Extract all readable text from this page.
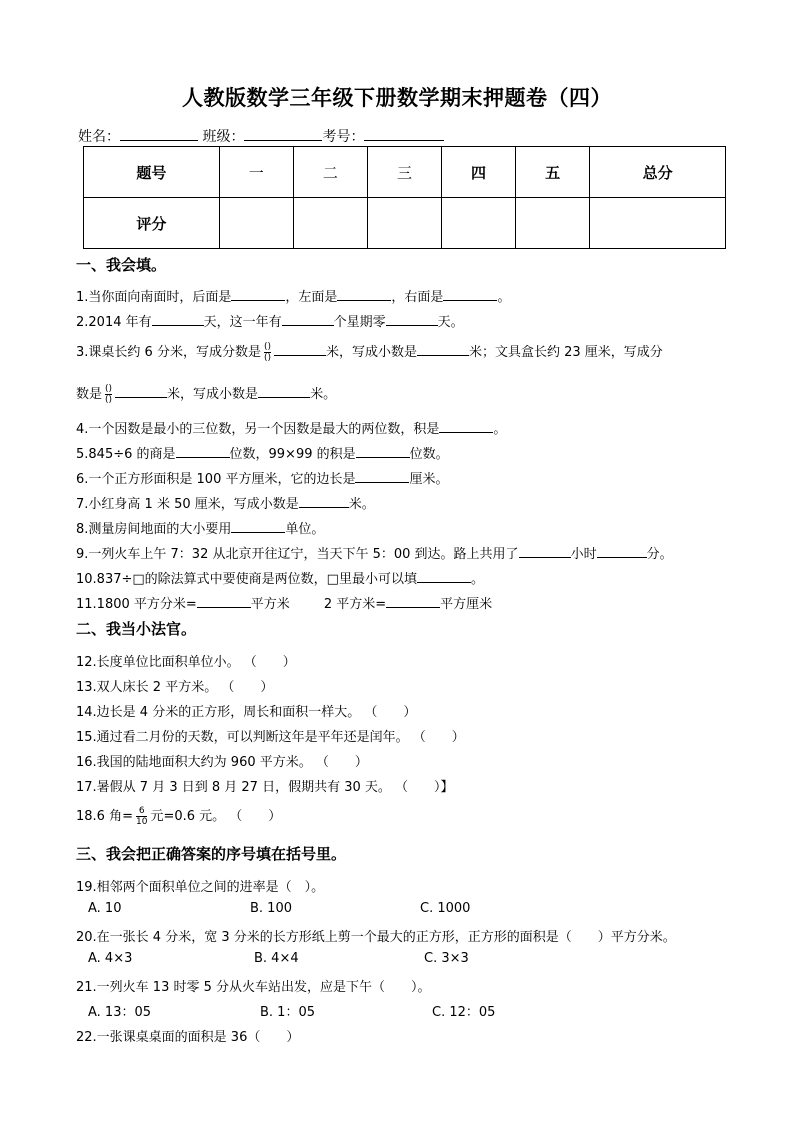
人教版数学三年级下册数学期末押题卷（四）
姓名：	班级：	考号：
题号	一	二	三	四	五	总分
评分						
一、我会填。
1.当你面向南面时，后面是	，左面是	，右面是	。
2.2014 年有	天，这一年有	个星期零	天。
3.课桌长约 6 分米，写成分数是 $\frac{()}{()}$	米，写成小数是	米；文具盒长约 23 厘米，写成分
数是 $\frac{()}{()}$	米，写成小数是	米。
4.一个因数是最小的三位数，另一个因数是最大的两位数，积是	。
5.845÷6 的商是	位数，99×99 的积是	位数。
6.一个正方形面积是 100 平方厘米，它的边长是	厘米。
7.小红身高 1 米 50 厘米，写成小数是	米。
8.测量房间地面的大小要用	单位。
9.一列火车上午 7：32 从北京开往辽宁，当天下午 5：00 到达。路上共用了	小时	分。
10.837÷□的除法算式中要使商是两位数，□里最小可以填	。
11.1800 平方分米=	平方米	2 平方米=	平方厘米
二、我当小法官。
12.长度单位比面积单位小。 （　　）
13.双人床长 2 平方米。 （　　）
14.边长是 4 分米的正方形，周长和面积一样大。 （　　）
15.通过看二月份的天数，可以判断这年是平年还是闰年。 （　　）
16.我国的陆地面积大约为 960 平方米。 （　　）
17.暑假从 7 月 3 日到 8 月 27 日，假期共有 30 天。 （　　）】
18.6 角= $\frac{6}{10}$ 元=0.6 元。 （　　）
三、我会把正确答案的序号填在括号里。
19.相邻两个面积单位之间的进率是（　）。
A. 10	B. 100	C. 1000
20.在一张长 4 分米，宽 3 分米的长方形纸上剪一个最大的正方形，正方形的面积是（　　）平方分米。
A. 4×3	B. 4×4	C. 3×3
21.一列火车 13 时零 5 分从火车站出发，应是下午（　　）。
A. 13：05	B. 1：05	C. 12：05
22.一张课桌桌面的面积是 36（　　）
